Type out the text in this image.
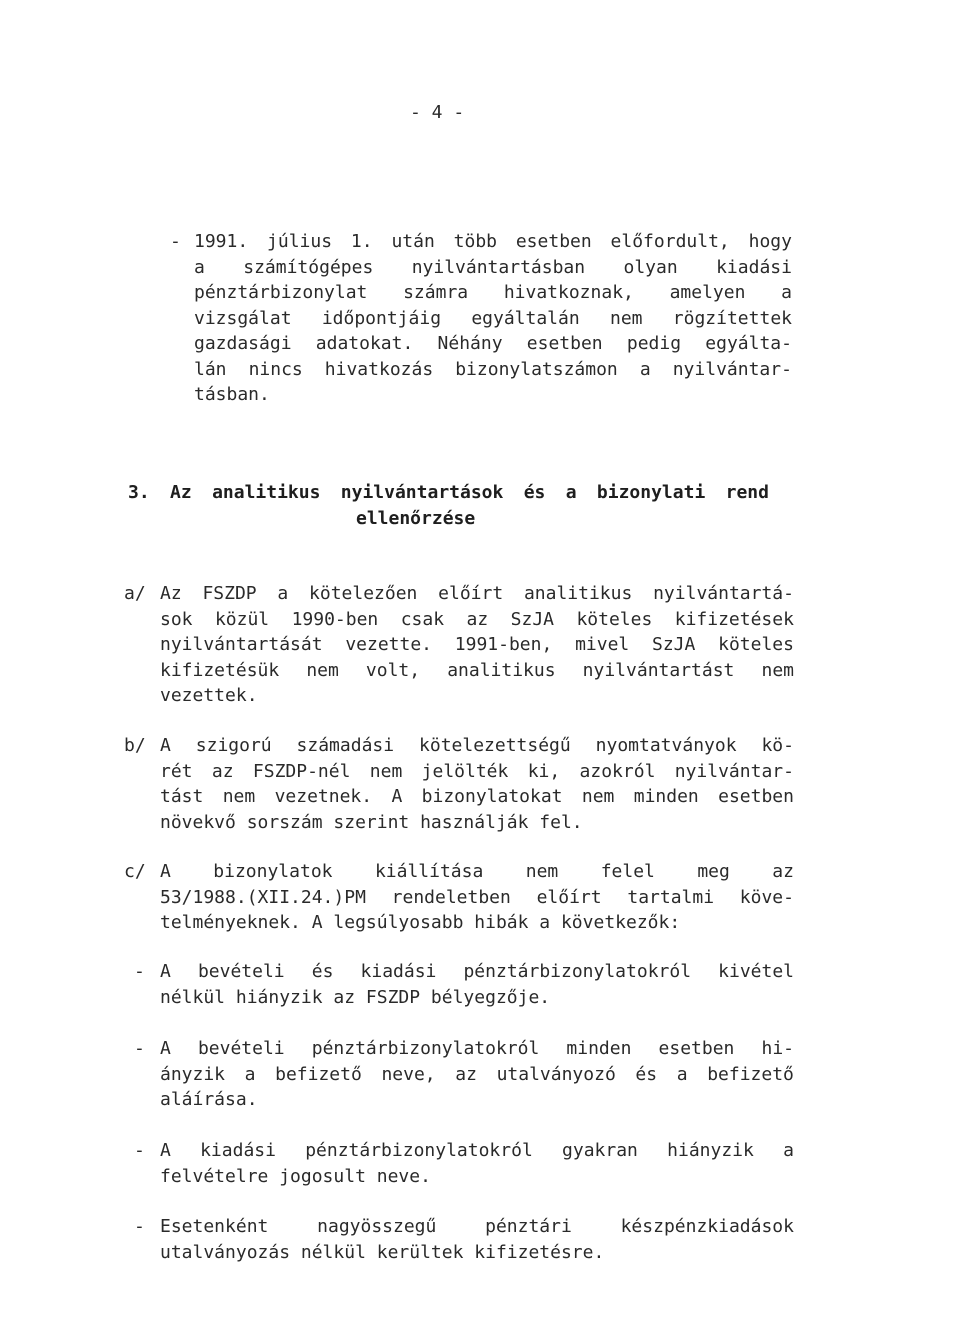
- 4 -
- 1991. július 1. után több esetben előfordult, hogy
a számítógépes nyilvántartásban olyan kiadási
pénztárbizonylat számra hivatkoznak, amelyen a
vizsgálat időpontjáig egyáltalán nem rögzítettek
gazdasági adatokat. Néhány esetben pedig egyálta-
lán nincs hivatkozás bizonylatszámon a nyilvántar-
tásban.
3. Az analitikus nyilvántartások és a bizonylati rend
ellenőrzése
a/ Az FSZDP a kötelezően előírt analitikus nyilvántartá-
sok közül 1990-ben csak az SzJA köteles kifizetések
nyilvántartását vezette. 1991-ben, mivel SzJA köteles
kifizetésük nem volt, analitikus nyilvántartást nem
vezettek.
b/ A szigorú számadási kötelezettségű nyomtatványok kö-
rét az FSZDP-nél nem jelölték ki, azokról nyilvántar-
tást nem vezetnek. A bizonylatokat nem minden esetben
növekvő sorszám szerint használják fel.
c/ A bizonylatok kiállítása nem felel meg az
53/1988.(XII.24.)PM rendeletben előírt tartalmi köve-
telményeknek. A legsúlyosabb hibák a következők:
- A bevételi és kiadási pénztárbizonylatokról kivétel
nélkül hiányzik az FSZDP bélyegzője.
- A bevételi pénztárbizonylatokról minden esetben hi-
ányzik a befizető neve, az utalványozó és a befizető
aláírása.
- A kiadási pénztárbizonylatokról gyakran hiányzik a
felvételre jogosult neve.
- Esetenként	nagyösszegű	pénztári	készpénzkiadások
utalványozás nélkül kerültek kifizetésre.
